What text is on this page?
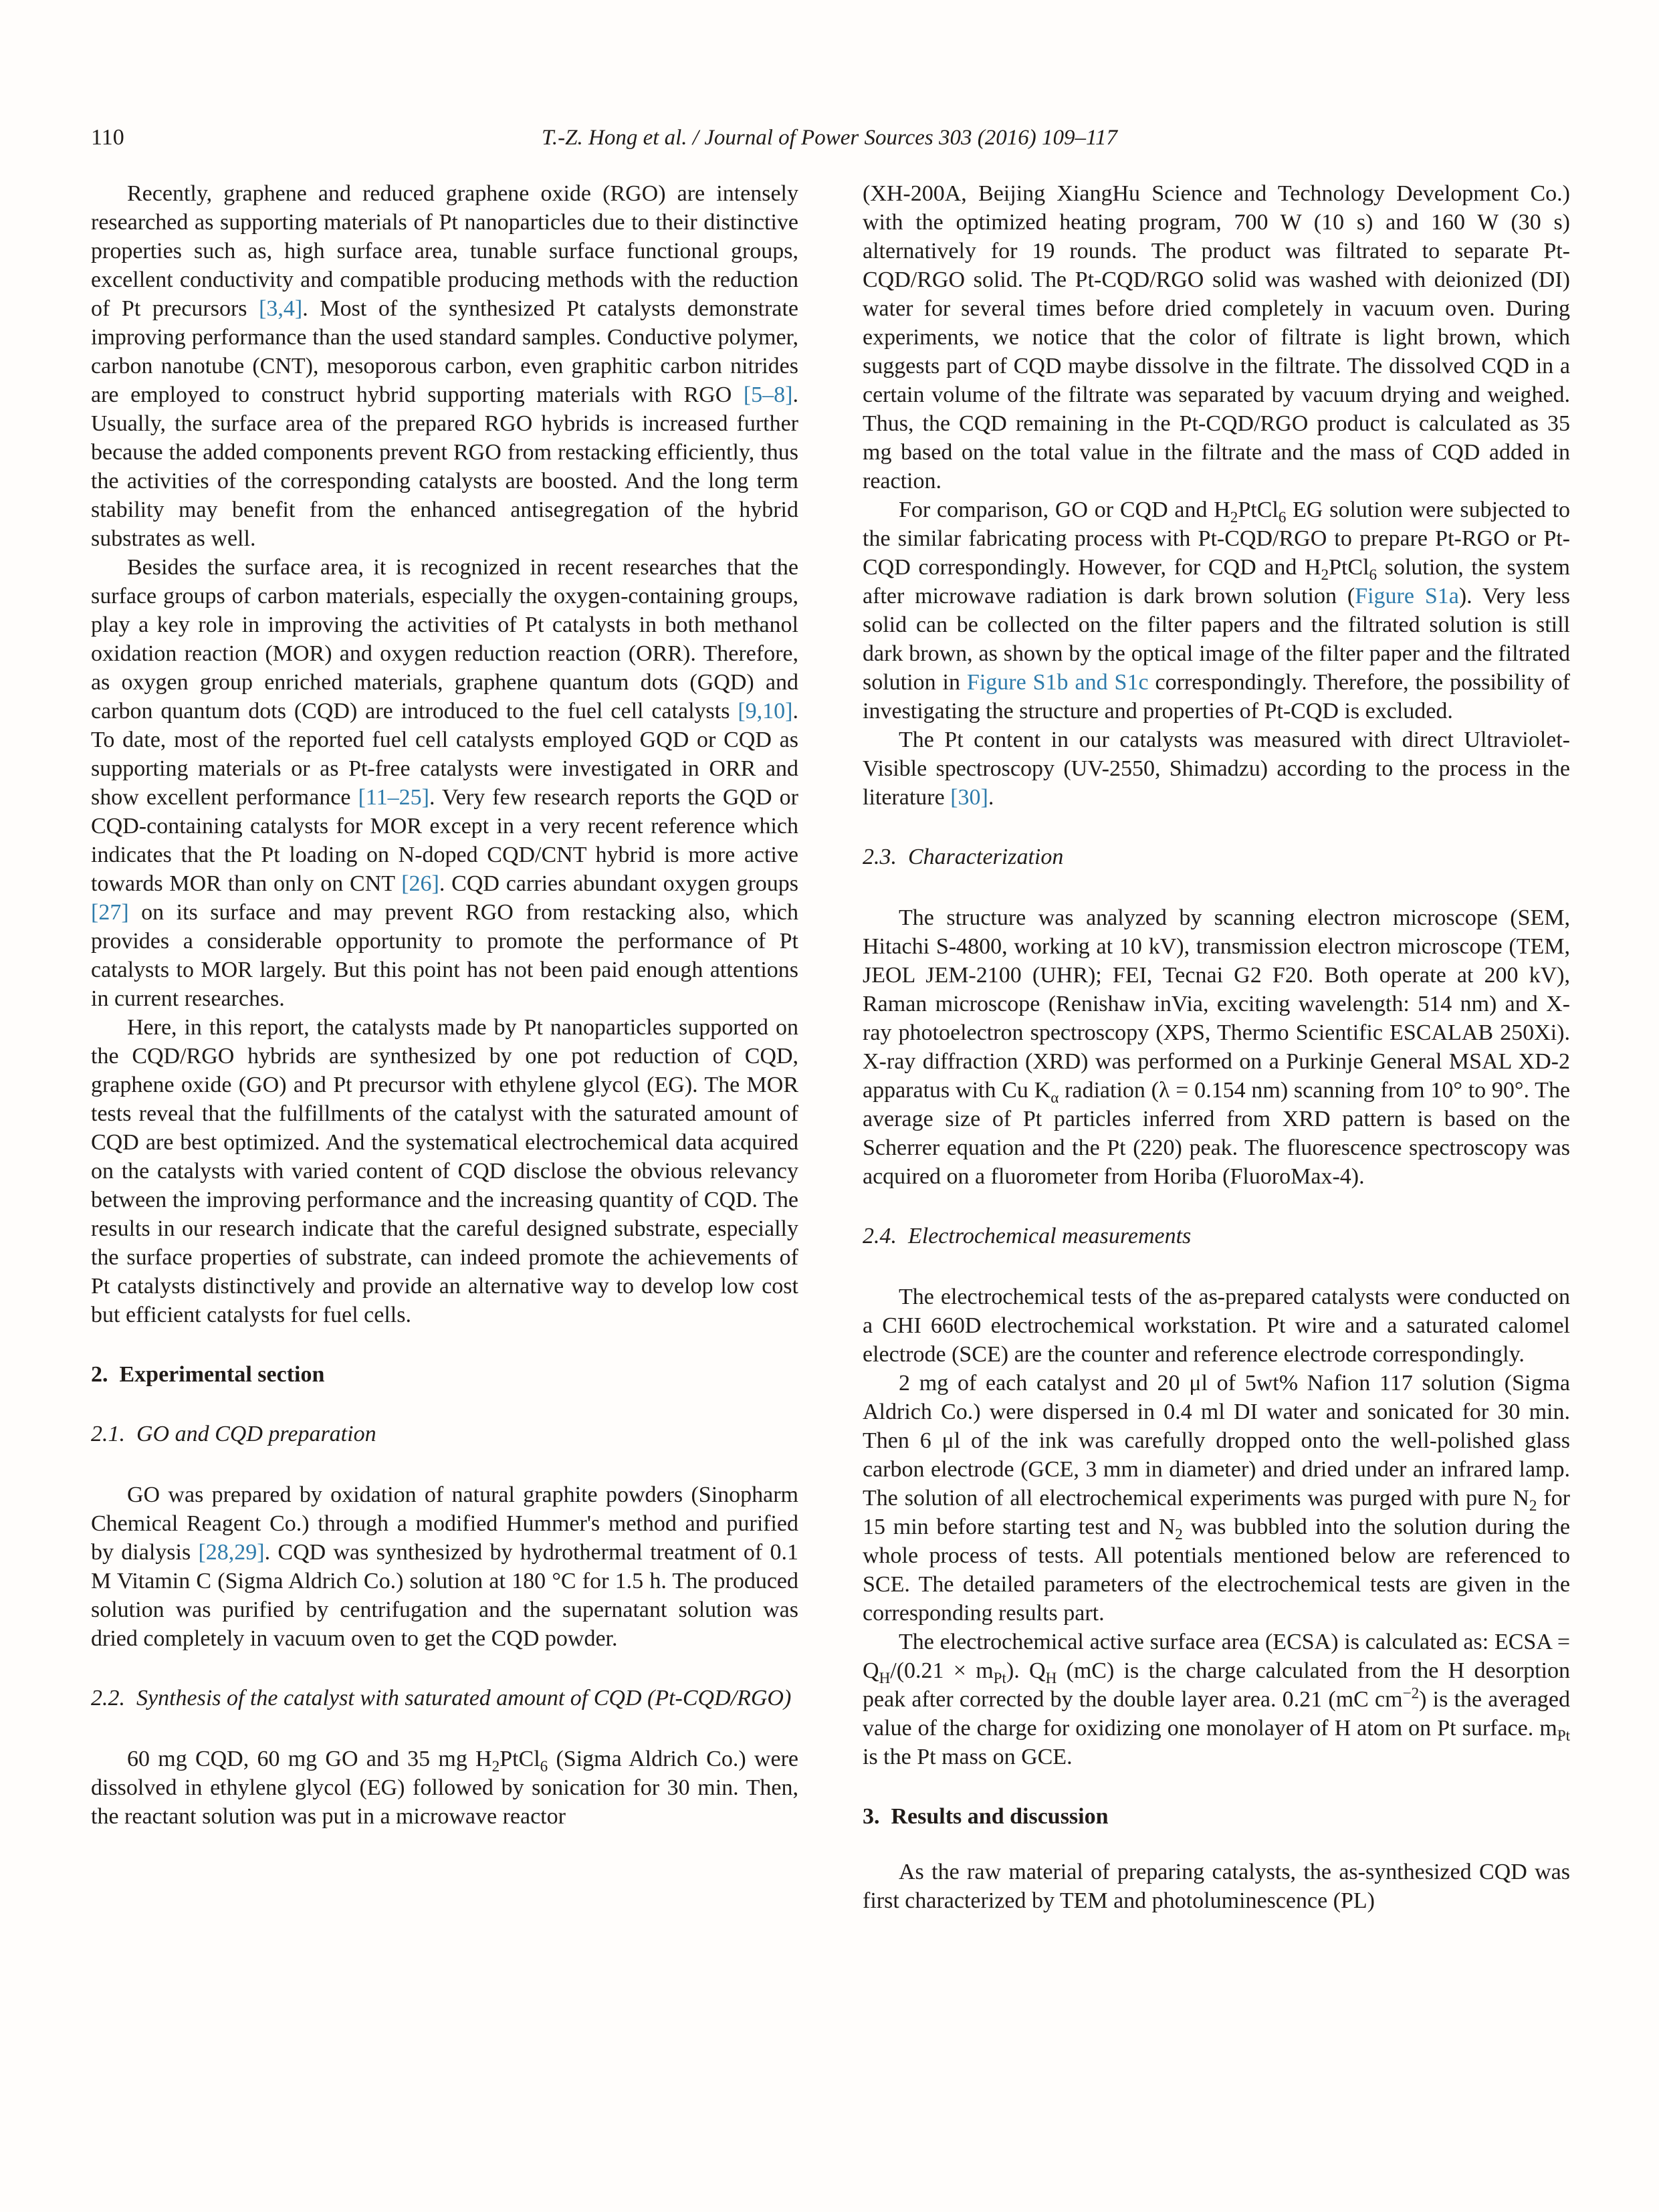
110	T.-Z. Hong et al. / Journal of Power Sources 303 (2016) 109–117

Recently, graphene and reduced graphene oxide (RGO) are intensely researched as supporting materials of Pt nanoparticles due to their distinctive properties such as, high surface area, tunable surface functional groups, excellent conductivity and compatible producing methods with the reduction of Pt precursors [3,4]. Most of the synthesized Pt catalysts demonstrate improving performance than the used standard samples. Conductive polymer, carbon nanotube (CNT), mesoporous carbon, even graphitic carbon nitrides are employed to construct hybrid supporting materials with RGO [5–8]. Usually, the surface area of the prepared RGO hybrids is increased further because the added components prevent RGO from restacking efficiently, thus the activities of the corresponding catalysts are boosted. And the long term stability may benefit from the enhanced antisegregation of the hybrid substrates as well.

Besides the surface area, it is recognized in recent researches that the surface groups of carbon materials, especially the oxygen-containing groups, play a key role in improving the activities of Pt catalysts in both methanol oxidation reaction (MOR) and oxygen reduction reaction (ORR). Therefore, as oxygen group enriched materials, graphene quantum dots (GQD) and carbon quantum dots (CQD) are introduced to the fuel cell catalysts [9,10]. To date, most of the reported fuel cell catalysts employed GQD or CQD as supporting materials or as Pt-free catalysts were investigated in ORR and show excellent performance [11–25]. Very few research reports the GQD or CQD-containing catalysts for MOR except in a very recent reference which indicates that the Pt loading on N-doped CQD/CNT hybrid is more active towards MOR than only on CNT [26]. CQD carries abundant oxygen groups [27] on its surface and may prevent RGO from restacking also, which provides a considerable opportunity to promote the performance of Pt catalysts to MOR largely. But this point has not been paid enough attentions in current researches.

Here, in this report, the catalysts made by Pt nanoparticles supported on the CQD/RGO hybrids are synthesized by one pot reduction of CQD, graphene oxide (GO) and Pt precursor with ethylene glycol (EG). The MOR tests reveal that the fulfillments of the catalyst with the saturated amount of CQD are best optimized. And the systematical electrochemical data acquired on the catalysts with varied content of CQD disclose the obvious relevancy between the improving performance and the increasing quantity of CQD. The results in our research indicate that the careful designed substrate, especially the surface properties of substrate, can indeed promote the achievements of Pt catalysts distinctively and provide an alternative way to develop low cost but efficient catalysts for fuel cells.

2. Experimental section

2.1. GO and CQD preparation

GO was prepared by oxidation of natural graphite powders (Sinopharm Chemical Reagent Co.) through a modified Hummer's method and purified by dialysis [28,29]. CQD was synthesized by hydrothermal treatment of 0.1 M Vitamin C (Sigma Aldrich Co.) solution at 180 °C for 1.5 h. The produced solution was purified by centrifugation and the supernatant solution was dried completely in vacuum oven to get the CQD powder.

2.2. Synthesis of the catalyst with saturated amount of CQD (Pt-CQD/RGO)

60 mg CQD, 60 mg GO and 35 mg $H_2PtCl_6$ (Sigma Aldrich Co.) were dissolved in ethylene glycol (EG) followed by sonication for 30 min. Then, the reactant solution was put in a microwave reactor

(XH-200A, Beijing XiangHu Science and Technology Development Co.) with the optimized heating program, 700 W (10 s) and 160 W (30 s) alternatively for 19 rounds. The product was filtrated to separate Pt-CQD/RGO solid. The Pt-CQD/RGO solid was washed with deionized (DI) water for several times before dried completely in vacuum oven. During experiments, we notice that the color of filtrate is light brown, which suggests part of CQD maybe dissolve in the filtrate. The dissolved CQD in a certain volume of the filtrate was separated by vacuum drying and weighed. Thus, the CQD remaining in the Pt-CQD/RGO product is calculated as 35 mg based on the total value in the filtrate and the mass of CQD added in reaction.

For comparison, GO or CQD and $H_2PtCl_6$ EG solution were subjected to the similar fabricating process with Pt-CQD/RGO to prepare Pt-RGO or Pt-CQD correspondingly. However, for CQD and $H_2PtCl_6$ solution, the system after microwave radiation is dark brown solution (Figure S1a). Very less solid can be collected on the filter papers and the filtrated solution is still dark brown, as shown by the optical image of the filter paper and the filtrated solution in Figure S1b and S1c correspondingly. Therefore, the possibility of investigating the structure and properties of Pt-CQD is excluded.

The Pt content in our catalysts was measured with direct Ultraviolet-Visible spectroscopy (UV-2550, Shimadzu) according to the process in the literature [30].

2.3. Characterization

The structure was analyzed by scanning electron microscope (SEM, Hitachi S-4800, working at 10 kV), transmission electron microscope (TEM, JEOL JEM-2100 (UHR); FEI, Tecnai G2 F20. Both operate at 200 kV), Raman microscope (Renishaw inVia, exciting wavelength: 514 nm) and X-ray photoelectron spectroscopy (XPS, Thermo Scientific ESCALAB 250Xi). X-ray diffraction (XRD) was performed on a Purkinje General MSAL XD-2 apparatus with Cu $K_\alpha$ radiation (λ = 0.154 nm) scanning from 10° to 90°. The average size of Pt particles inferred from XRD pattern is based on the Scherrer equation and the Pt (220) peak. The fluorescence spectroscopy was acquired on a fluorometer from Horiba (FluoroMax-4).

2.4. Electrochemical measurements

The electrochemical tests of the as-prepared catalysts were conducted on a CHI 660D electrochemical workstation. Pt wire and a saturated calomel electrode (SCE) are the counter and reference electrode correspondingly.

2 mg of each catalyst and 20 μl of 5wt% Nafion 117 solution (Sigma Aldrich Co.) were dispersed in 0.4 ml DI water and sonicated for 30 min. Then 6 μl of the ink was carefully dropped onto the well-polished glass carbon electrode (GCE, 3 mm in diameter) and dried under an infrared lamp. The solution of all electrochemical experiments was purged with pure $N_2$ for 15 min before starting test and $N_2$ was bubbled into the solution during the whole process of tests. All potentials mentioned below are referenced to SCE. The detailed parameters of the electrochemical tests are given in the corresponding results part.

The electrochemical active surface area (ECSA) is calculated as: ECSA = $Q_H/(0.21 \times m_{Pt})$. $Q_H$ (mC) is the charge calculated from the H desorption peak after corrected by the double layer area. 0.21 (mC $cm^{-2}$) is the averaged value of the charge for oxidizing one monolayer of H atom on Pt surface. $m_{Pt}$ is the Pt mass on GCE.

3. Results and discussion

As the raw material of preparing catalysts, the as-synthesized CQD was first characterized by TEM and photoluminescence (PL)
